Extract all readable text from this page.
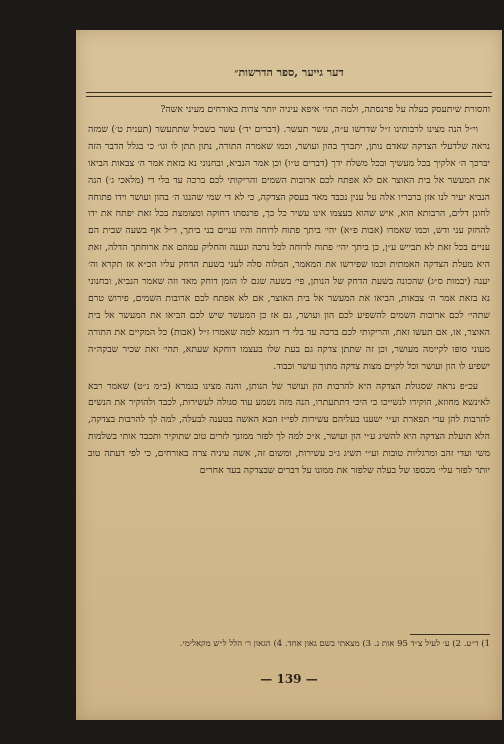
דער גייער ,ספר הדרשות״

והסורת שיתעסק בעלה על פרנסתה, ולמה תהי׳ איפא עיניה יותר צרות באורחים מעיני אשה?

וי״ל הנה מצינו לרבותינו ז״ל שדרשו ע״ה, עשר תעשר. (דברים יד׳) עשר בשביל שתתעשר (תענית ט׳) שמזה נראה שלדעלי הצדקה שאדם נותן, יתברך בהון ועושר, וכמו שאמרה התורה, נתון תתן לו וגו׳ כי בגלל הדבר הזה יברכך ה׳ אלקיך בכל מעשיך ובכל משלח ידך (דברים ט״ו) וכן אמר הנביא, ובחנוני נא בזאת אמר ה׳ צבאות הביאו את המעשר אל בית האוצר אם לא אפתח לכם ארובות השמים והריקותי לכם ברכה עד בלי די (מלאכי ג׳) הנה הנביא יעיר לנו אזן ברבריו אלה על ענין נכבד מאד בעסק הצדקה, כי לא די שמי שהנגו ה׳ בהון ועושר וידו פתוחה לחונן דלים, הרבותא הוא, איש שהוא בעצמו אינו עשיר כל כך, פרנסתו דחוקה ומצומצת בכל זאת יפתח את ידו להחזק עני ודש, וכמו שאמרו (אבות פ״א) יהי׳ ביתך פתוח לרוחה והיו עניים בני ביתך, ר״ל אף בשעה שבית הם עניים בכל זאת לא תבייש ע״ן, כן ביתך יהי׳ פתוח לרוחה לכל נרכה ונענה והחליק עמהם את ארוחתך הדלה, זאת היא מעלת הצדקה האמתית וכמו שפירשו את המאמר, המלוה סלה לעני בשעת הדחק עליו הכ״א אז תקרא וה׳ יענה (יבמות ס״ג) שהכונה בשעת הדחק של הנותן, פי׳ בשעה שגם לו הזמן דוחק מאד וזה שאמר הנביא, ובחנוני נא בזאת אמר ה׳ צבאות, הביאו את המעשר אל בית האוצר, אם לא אפתח לכם ארובות השמים, פירוש טרם שתהי׳ לכם ארובות השמים להשפיע לכם הון ועושר, גם אז כן המעשר שיש לכם הביאו את המעשר אל בית האוצר, או, אם תעשו זאת, והריקותי לכם ברכה עד בלי די דוגמא למה שאמרו ז״ל (אבות) כל המקיים את התורה מעוני סופו לקיימה מעושר, וכן זה שתתן צדקה גם בעת שלו בעצמו דוחקא שעתא, תהי׳ זאת שכיר שבקה״ה ישפיע לו הון ועושר וכל לקיים מצות צדקה מתוך עושר וכבוד.

עכ״פ נראה שסגולת הצדקה היא להרבות הון ועושר של הנותן, והנה מצינו בגמרא (ב״מ נ״ט) שאמר רבא לאינשא מחוזא, הוקירו לנשייכו כי היכי דתתעתרו, הנה מזה נשמע עוד סגולה לעשירות, לכבד ולהוקיר את הנשים להרבות להן עדי תפארת וע״י ישענו בעליהם עשירות לפי״ז הבא האשה בטענה לבעלה, למה לך להרבות בצדקה, הלא תועלת הצדקה היא להשיג ע״י הון ועושר, א״כ למה לך לפזר ממונך לזרים טוב שתוקיר ותכבד אותי בשלמות משי ועדי זהב ומרגליות טובות וע״י תשיג ג״כ עשירות, ומשום זה, אשה עיניה צרה באורחים, כי לפי דעתה טוב יותר לפזר עלי׳ מכספו של בעלה שלפזר את ממונו על דברים שבצדקה בעד אחרים

1) ד״ע. 2) ע׳ לעיל צ״ד 95 אות נ. 3) מצאתי בשם גאון אחד. 4) הגאון ר׳ הלל ל״ש מקאלימי.
— 139 —
